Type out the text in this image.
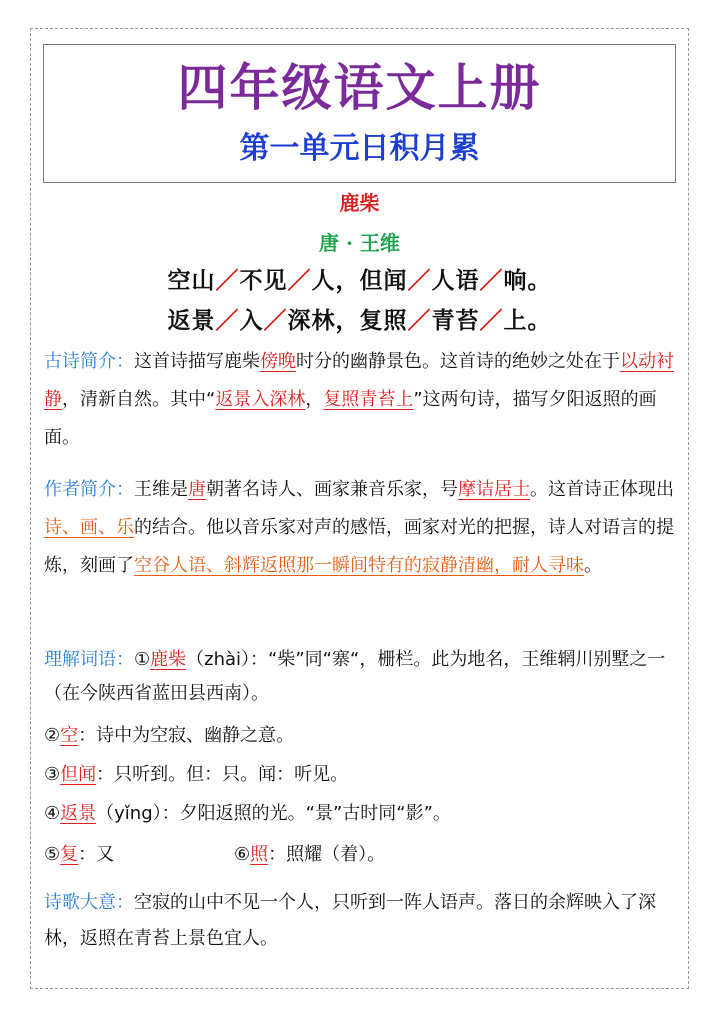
四年级语文上册
第一单元日积月累
鹿柴
唐 · 王维
空山／不见／人，但闻／人语／响。
返景／入／深林，复照／青苔／上。
古诗简介：这首诗描写鹿柴傍晚时分的幽静景色。这首诗的绝妙之处在于以动衬静，清新自然。其中“返景入深林，复照青苔上”这两句诗，描写夕阳返照的画面。
作者简介：王维是唐朝著名诗人、画家兼音乐家，号摩诘居士。这首诗正体现出诗、画、乐的结合。他以音乐家对声的感悟，画家对光的把握，诗人对语言的提炼，刻画了空谷人语、斜辉返照那一瞬间特有的寂静清幽，耐人寻味。
理解词语：①鹿柴（zhài）：“柴”同“寨“，栅栏。此为地名，王维辋川别墅之一（在今陕西省蓝田县西南）。
②空：诗中为空寂、幽静之意。
③但闻：只听到。但：只。闻：听见。
④返景（yǐng）：夕阳返照的光。“景”古时同“影”。
⑤复：又	⑥照：照耀（着）。
诗歌大意：空寂的山中不见一个人，只听到一阵人语声。落日的余辉映入了深林，返照在青苔上景色宜人。
